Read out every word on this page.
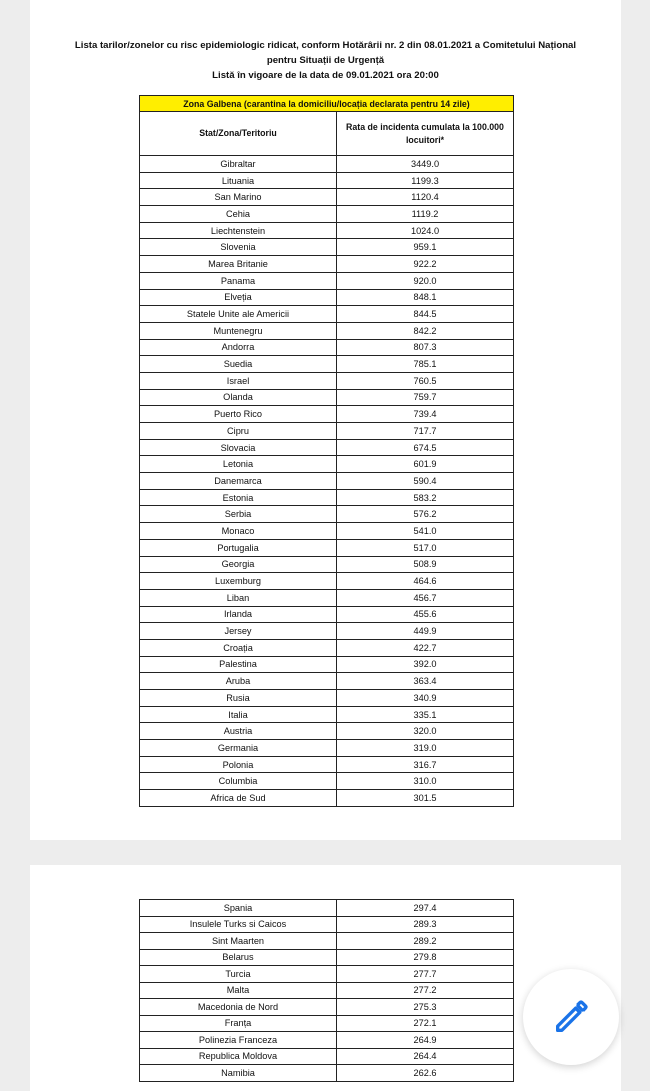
Lista tarilor/zonelor cu risc epidemiologic ridicat, conform Hotărârii nr. 2 din 08.01.2021 a Comitetului Național
pentru Situații de Urgență
Listă în vigoare de la data de 09.01.2021 ora 20:00
Zona Galbena (carantina la domiciliu/locația declarata pentru 14 zile)	
Stat/Zona/Teritoriu	Rata de incidenta cumulata la 100.000 locuitori*
Gibraltar	3449.0
Lituania	1199.3
San Marino	1120.4
Cehia	1119.2
Liechtenstein	1024.0
Slovenia	959.1
Marea Britanie	922.2
Panama	920.0
Elveția	848.1
Statele Unite ale Americii	844.5
Muntenegru	842.2
Andorra	807.3
Suedia	785.1
Israel	760.5
Olanda	759.7
Puerto Rico	739.4
Cipru	717.7
Slovacia	674.5
Letonia	601.9
Danemarca	590.4
Estonia	583.2
Serbia	576.2
Monaco	541.0
Portugalia	517.0
Georgia	508.9
Luxemburg	464.6
Liban	456.7
Irlanda	455.6
Jersey	449.9
Croația	422.7
Palestina	392.0
Aruba	363.4
Rusia	340.9
Italia	335.1
Austria	320.0
Germania	319.0
Polonia	316.7
Columbia	310.0
Africa de Sud	301.5
Spania	297.4
Insulele Turks si Caicos	289.3
Sint Maarten	289.2
Belarus	279.8
Turcia	277.7
Malta	277.2
Macedonia de Nord	275.3
Franța	272.1
Polinezia Franceza	264.9
Republica Moldova	264.4
Namibia	262.6
